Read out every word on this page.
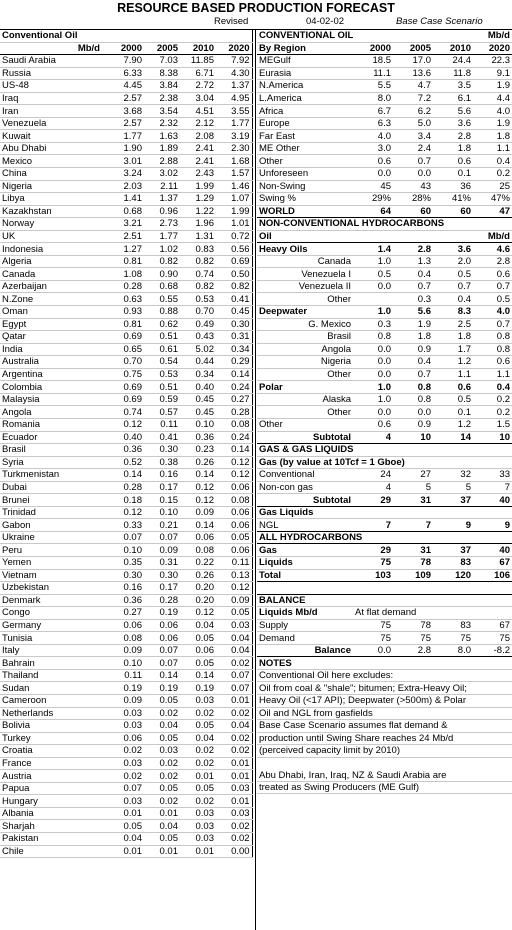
RESOURCE BASED PRODUCTION FORECAST
Revised	04-02-02	Base Case Scenario
Conventional Oil				
Mb/d	2000	2005	2010	2020
Saudi Arabia	7.90	7.03	11.85	7.92
Russia	6.33	8.38	6.71	4.30
US-48	4.45	3.84	2.72	1.37
Iraq	2.57	2.38	3.04	4.95
Iran	3.68	3.54	4.51	3.55
Venezuela	2.57	2.32	2.12	1.77
Kuwait	1.77	1.63	2.08	3.19
Abu Dhabi	1.90	1.89	2.41	2.30
Mexico	3.01	2.88	2.41	1.68
China	3.24	3.02	2.43	1.57
Nigeria	2.03	2.11	1.99	1.46
Libya	1.41	1.37	1.29	1.07
Kazakhstan	0.68	0.96	1.22	1.99
Norway	3.21	2.73	1.96	1.01
UK	2.51	1.77	1.31	0.72
Indonesia	1.27	1.02	0.83	0.56
Algeria	0.81	0.82	0.82	0.69
Canada	1.08	0.90	0.74	0.50
Azerbaijan	0.28	0.68	0.82	0.82
N.Zone	0.63	0.55	0.53	0.41
Oman	0.93	0.88	0.70	0.45
Egypt	0.81	0.62	0.49	0.30
Qatar	0.69	0.51	0.43	0.31
India	0.65	0.61	5.02	0.34
Australia	0.70	0.54	0.44	0.29
Argentina	0.75	0.53	0.34	0.14
Colombia	0.69	0.51	0.40	0.24
Malaysia	0.69	0.59	0.45	0.27
Angola	0.74	0.57	0.45	0.28
Romania	0.12	0.11	0.10	0.08
Ecuador	0.40	0.41	0.36	0.24
Brasil	0.36	0.30	0.23	0.14
Syria	0.52	0.38	0.26	0.12
Turkmenistan	0.14	0.16	0.14	0.12
Dubai	0.28	0.17	0.12	0.06
Brunei	0.18	0.15	0.12	0.08
Trinidad	0.12	0.10	0.09	0.06
Gabon	0.33	0.21	0.14	0.06
Ukraine	0.07	0.07	0.06	0.05
Peru	0.10	0.09	0.08	0.06
Yemen	0.35	0.31	0.22	0.11
Vietnam	0.30	0.30	0.26	0.13
Uzbekistan	0.16	0.17	0.20	0.12
Denmark	0.36	0.28	0.20	0.09
Congo	0.27	0.19	0.12	0.05
Germany	0.06	0.06	0.04	0.03
Tunisia	0.08	0.06	0.05	0.04
Italy	0.09	0.07	0.06	0.04
Bahrain	0.10	0.07	0.05	0.02
Thailand	0.11	0.14	0.14	0.07
Sudan	0.19	0.19	0.19	0.07
Cameroon	0.09	0.05	0.03	0.01
Netherlands	0.03	0.02	0.02	0.02
Bolivia	0.03	0.04	0.05	0.04
Turkey	0.06	0.05	0.04	0.02
Croatia	0.02	0.03	0.02	0.02
France	0.03	0.02	0.02	0.01
Austria	0.02	0.02	0.01	0.01
Papua	0.07	0.05	0.05	0.03
Hungary	0.03	0.02	0.02	0.01
Albania	0.01	0.01	0.03	0.03
Sharjah	0.05	0.04	0.03	0.02
Pakistan	0.04	0.05	0.03	0.02
Chile	0.01	0.01	0.01	0.00
CONVENTIONAL OIL				Mb/d
By Region	2000	2005	2010	2020
MEGulf	18.5	17.0	24.4	22.3
Eurasia	11.1	13.6	11.8	9.1
N.America	5.5	4.7	3.5	1.9
L.America	8.0	7.2	6.1	4.4
Africa	6.7	6.2	5.6	4.0
Europe	6.3	5.0	3.6	1.9
Far East	4.0	3.4	2.8	1.8
ME Other	3.0	2.4	1.8	1.1
Other	0.6	0.7	0.6	0.4
Unforeseen	0.0	0.0	0.1	0.2
Non-Swing	45	43	36	25
Swing %	29%	28%	41%	47%
WORLD	64	60	60	47
NON-CONVENTIONAL HYDROCARBONS				
Oil				Mb/d
Heavy Oils	1.4	2.8	3.6	4.6
Canada	1.0	1.3	2.0	2.8
Venezuela I	0.5	0.4	0.5	0.6
Venezuela II	0.0	0.7	0.7	0.7
Other		0.3	0.4	0.5
Deepwater	1.0	5.6	8.3	4.0
G. Mexico	0.3	1.9	2.5	0.7
Brasil	0.8	1.8	1.8	0.8
Angola	0.0	0.9	1.7	0.8
Nigeria	0.0	0.4	1.2	0.6
Other	0.0	0.7	1.1	1.1
Polar	1.0	0.8	0.6	0.4
Alaska	1.0	0.8	0.5	0.2
Other	0.0	0.0	0.1	0.2
Other	0.6	0.9	1.2	1.5
Subtotal	4	10	14	10
GAS & GAS LIQUIDS				
Gas (by value at 10Tcf = 1 Gboe)				
Conventional	24	27	32	33
Non-con gas	4	5	5	7
Subtotal	29	31	37	40
Gas Liquids				
NGL	7	7	9	9
ALL HYDROCARBONS				
Gas	29	31	37	40
Liquids	75	78	83	67
Total	103	109	120	106

BALANCE				
Liquids Mb/d	At flat demand			
Supply	75	78	83	67
Demand	75	75	75	75
Balance	0.0	2.8	8.0	-8.2
NOTES				
Conventional Oil here excludes:				
Oil from coal & "shale"; bitumen; Extra-Heavy Oil;				
Heavy Oil (<17 API); Deepwater (>500m) & Polar				
Oil and NGL from gasfields				
Base Case Scenario assumes flat demand &				
production until Swing Share reaches 24 Mb/d				
(perceived capacity limit by 2010)				

Abu Dhabi, Iran, Iraq, NZ & Saudi Arabia are				
treated as Swing Producers (ME Gulf)				
